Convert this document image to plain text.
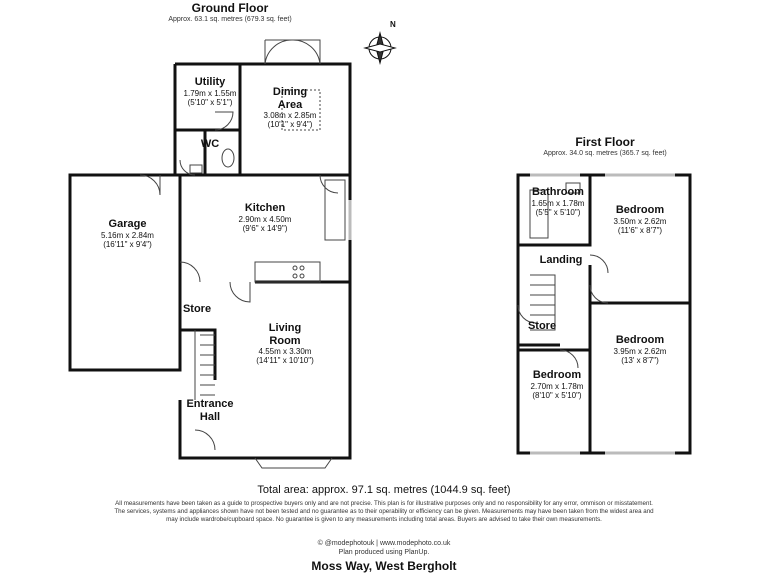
Ground Floor
Approx. 63.1 sq. metres (679.3 sq. feet)
N
Utility
1.79m x 1.55m
(5'10" x 5'1")
Dining
Area
3.08m x 2.85m
(10'1" x 9'4")
WC
Kitchen
2.90m x 4.50m
(9'6" x 14'9")
Garage
5.16m x 2.84m
(16'11" x 9'4")
Store
Living
Room
4.55m x 3.30m
(14'11" x 10'10")
Entrance
Hall
First Floor
Approx. 34.0 sq. metres (365.7 sq. feet)
Bathroom
1.65m x 1.78m
(5'5" x 5'10")	Bedroom
3.50m x 2.62m
(11'6" x 8'7")
Landing
Store
Bedroom
3.95m x 2.62m
(13' x 8'7")
Bedroom
2.70m x 1.78m
(8'10" x 5'10")
Total area: approx. 97.1 sq. metres (1044.9 sq. feet)
All measurements have been taken as a guide to prospective buyers only and are not precise. This plan is for illustrative purposes only and no responsibility for any error, ommison or misstatement. The services, systems and appliances shown have not been tested and no guarantee as to their operability or efficiency can be given. Measurements may have been taken from the widest area and may include wardrobe/cupboard space. No guarantee is given to any measurements including total areas. Buyers are advised to take their own measurements.
© @modephotouk | www.modephoto.co.uk
Plan produced using PlanUp.
Moss Way, West Bergholt
